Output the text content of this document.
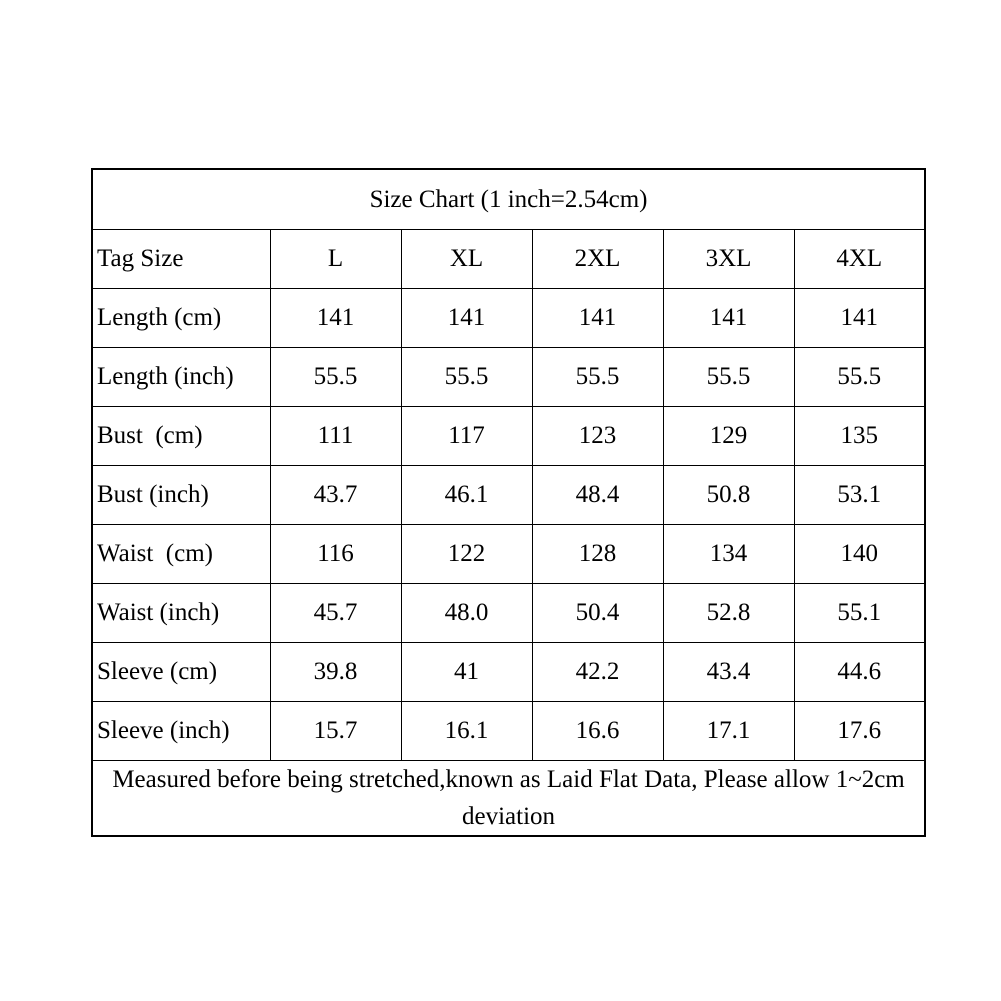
Size Chart (1 inch=2.54cm)					
Tag Size	L	XL	2XL	3XL	4XL
Length (cm)	141	141	141	141	141
Length (inch)	55.5	55.5	55.5	55.5	55.5
Bust  (cm)	111	117	123	129	135
Bust (inch)	43.7	46.1	48.4	50.8	53.1
Waist  (cm)	116	122	128	134	140
Waist (inch)	45.7	48.0	50.4	52.8	55.1
Sleeve (cm)	39.8	41	42.2	43.4	44.6
Sleeve (inch)	15.7	16.1	16.6	17.1	17.6
Measured before being stretched,known as Laid Flat Data, Please allow 1~2cm deviation					
